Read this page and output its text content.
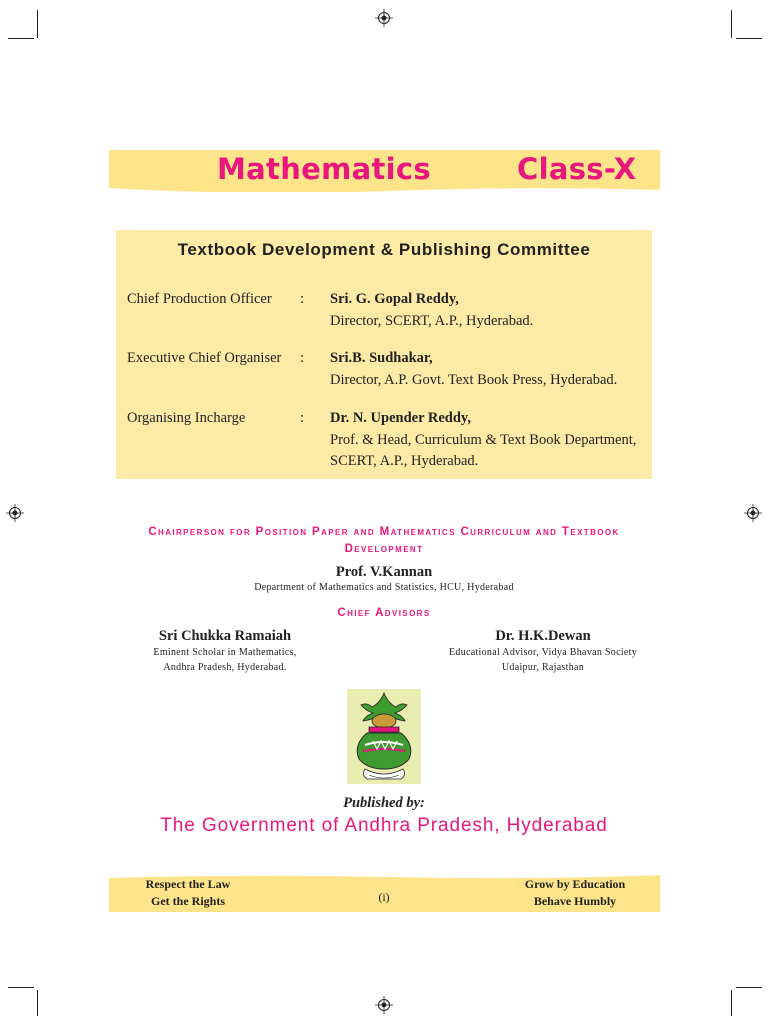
Mathematics	Class-X
Textbook Development & Publishing Committee
Chief Production Officer : Sri. G. Gopal Reddy,
Director, SCERT, A.P., Hyderabad.
Executive Chief Organiser : Sri.B. Sudhakar,
Director, A.P. Govt. Text Book Press, Hyderabad.
Organising Incharge	: Dr. N. Upender Reddy,
Prof. & Head, Curriculum & Text Book Department,
SCERT, A.P., Hyderabad.
Chairperson for Position Paper and Mathematics Curriculum and Textbook
Development
Prof. V.Kannan
Department of Mathematics and Statistics, HCU, Hyderabad
Chief Advisors
Sri Chukka Ramaiah
Eminent Scholar in Mathematics,
Andhra Pradesh, Hyderabad.
Dr. H.K.Dewan
Educational Advisor, Vidya Bhavan Society
Udaipur, Rajasthan
Published by:
The Government of Andhra Pradesh, Hyderabad
Respect the Law
Get the Rights	(i)
Grow by Education
Behave Humbly
